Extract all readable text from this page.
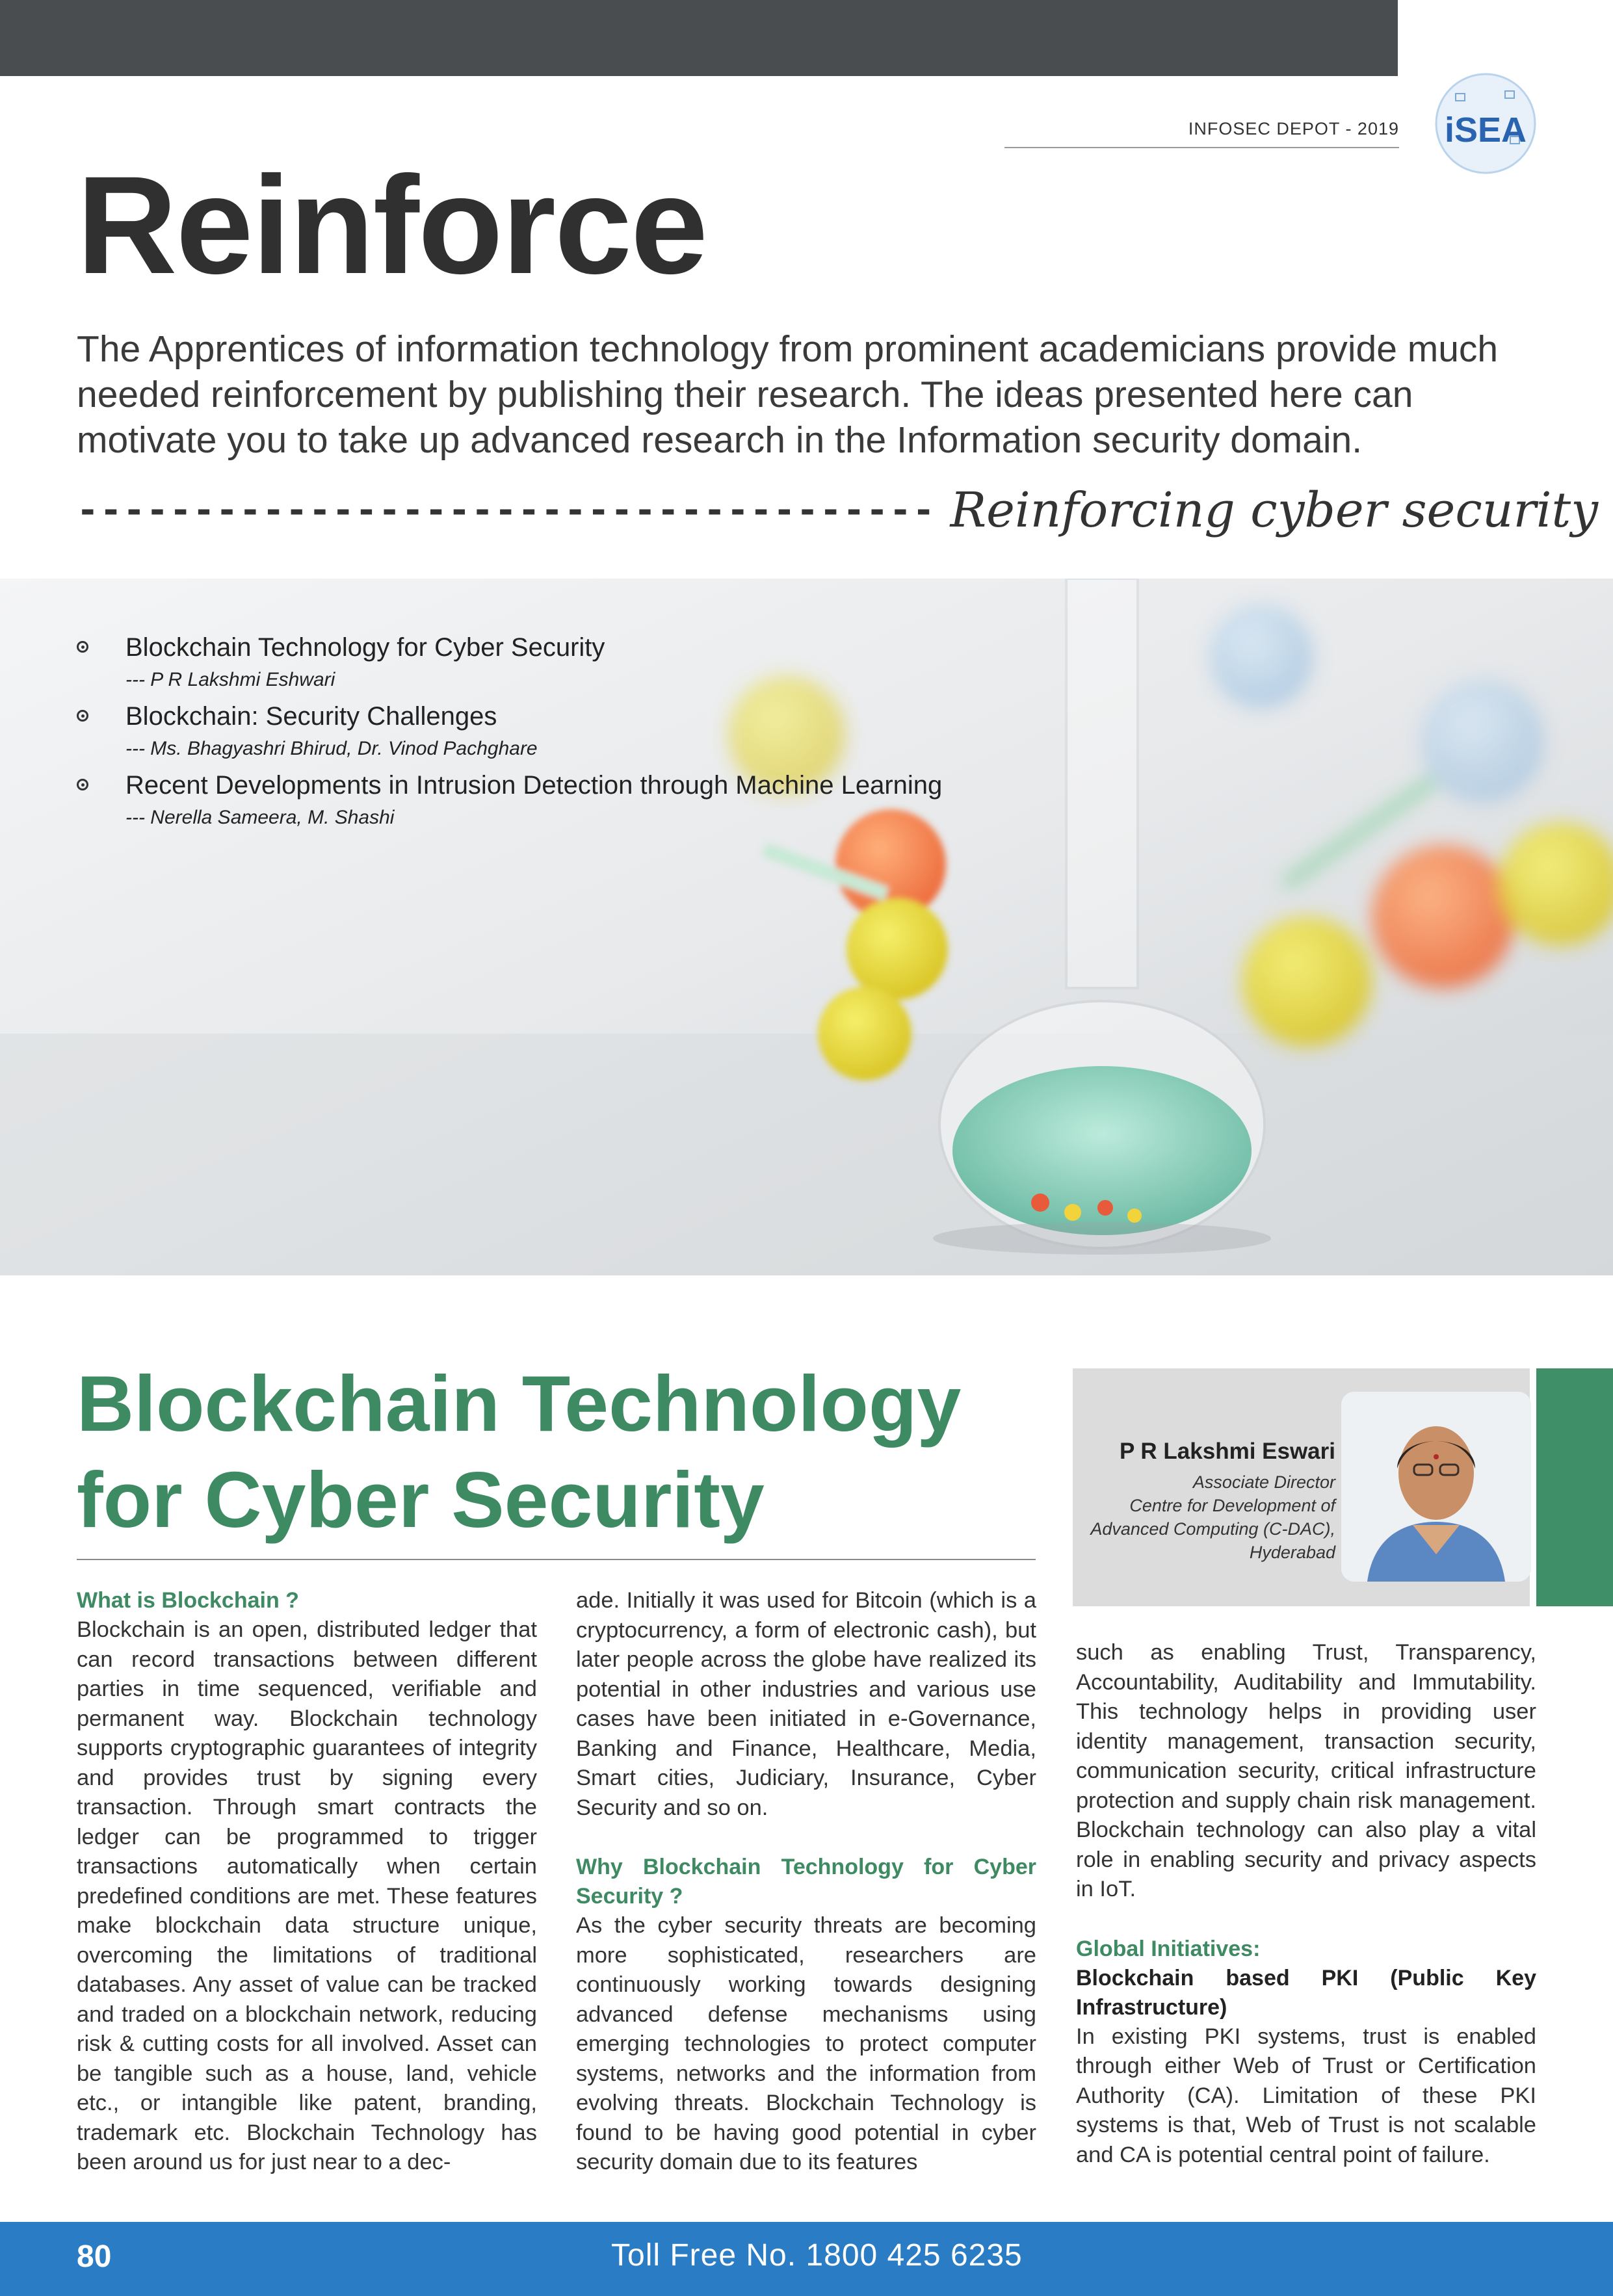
INFOSEC DEPOT - 2019 iSEA
Reinforce
The Apprentices of information technology from prominent academicians provide much needed reinforcement by publishing their research. The ideas presented here can motivate you to take up advanced research in the Information security domain.
------------------------------------- Reinforcing cyber security
Blockchain Technology for Cyber Security
--- P R Lakshmi Eshwari
Blockchain: Security Challenges
--- Ms. Bhagyashri Bhirud, Dr. Vinod Pachghare
Recent Developments in Intrusion Detection through Machine Learning
--- Nerella Sameera, M. Shashi
Blockchain Technology
for Cyber Security
P R Lakshmi Eswari
Associate Director
Centre for Development of
Advanced Computing (C-DAC),
Hyderabad
What is Blockchain ?

Blockchain is an open, distributed ledger that can record transactions between different parties in time sequenced, verifiable and permanent way. Blockchain technology supports cryptographic guarantees of integrity and provides trust by signing every transaction. Through smart contracts the ledger can be programmed to trigger transactions automatically when certain predefined conditions are met. These features make blockchain data structure unique, overcoming the limitations of traditional databases. Any asset of value can be tracked and traded on a blockchain network, reducing risk & cutting costs for all involved. Asset can be tangible such as a house, land, vehicle etc., or intangible like patent, branding, trademark etc. Blockchain Technology has been around us for just near to a dec-

ade. Initially it was used for Bitcoin (which is a cryptocurrency, a form of electronic cash), but later people across the globe have realized its potential in other industries and various use cases have been initiated in e-Governance, Banking and Finance, Healthcare, Media, Smart cities, Judiciary, Insurance, Cyber Security and so on.

Why Blockchain Technology for Cyber Security ?

As the cyber security threats are becoming more sophisticated, researchers are continuously working towards designing advanced defense mechanisms using emerging technologies to protect computer systems, networks and the information from evolving threats. Blockchain Technology is found to be having good potential in cyber security domain due to its features

such as enabling Trust, Transparency, Accountability, Auditability and Immutability. This technology helps in providing user identity management, transaction security, communication security, critical infrastructure protection and supply chain risk management. Blockchain technology can also play a vital role in enabling security and privacy aspects in IoT.

Global Initiatives:
Blockchain based PKI (Public Key Infrastructure)

In existing PKI systems, trust is enabled through either Web of Trust or Certification Authority (CA). Limitation of these PKI systems is that, Web of Trust is not scalable and CA is potential central point of failure.

80	Toll Free No. 1800 425 6235
